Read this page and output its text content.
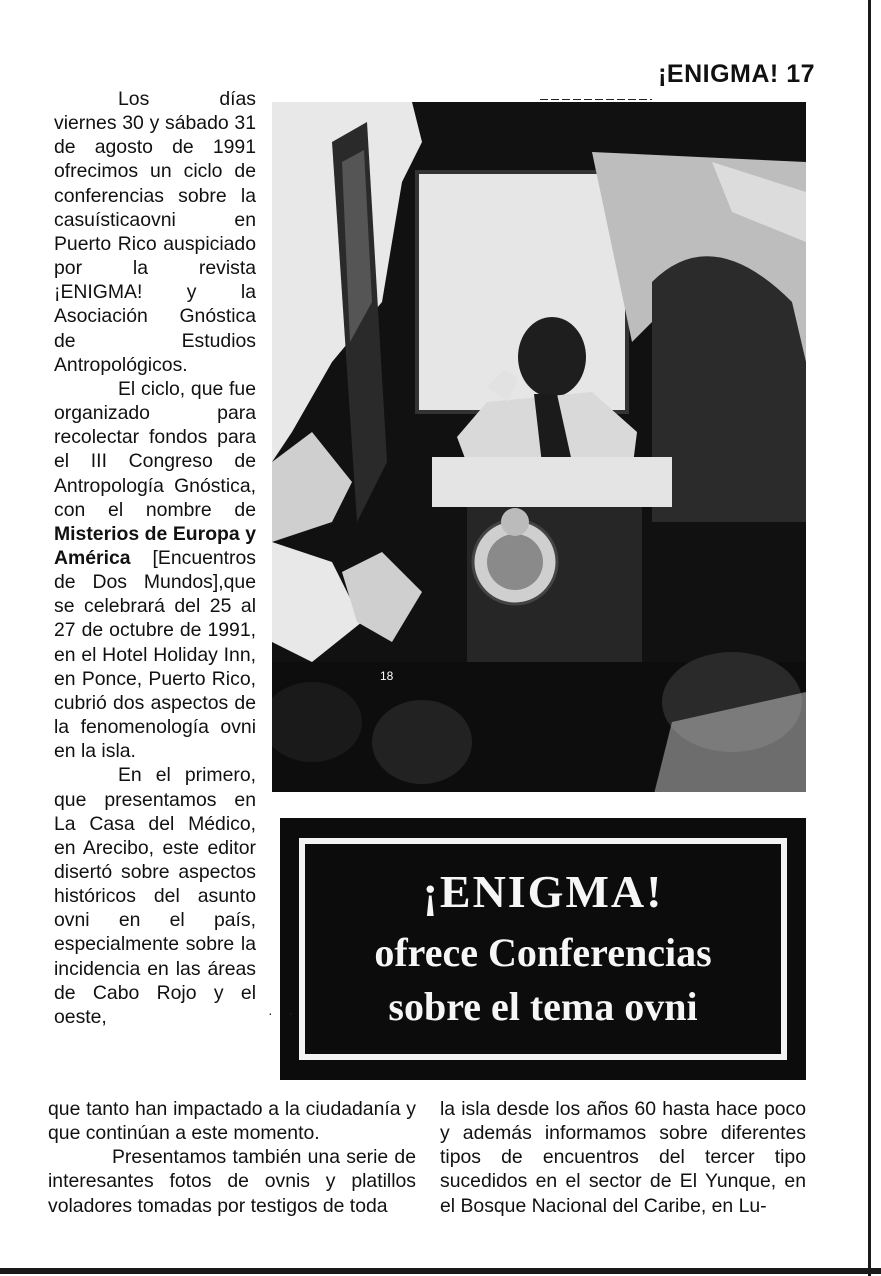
¡ENIGMA! 17

Los días viernes 30 y sábado 31 de agosto de 1991 ofrecimos un ciclo de conferencias sobre la casuísticaovni en Puerto Rico auspiciado por la revista ¡ENIGMA! y la Asociación Gnóstica de Estudios Antropológicos.

El ciclo, que fue organizado para recolectar fondos para el III Congreso de Antropología Gnóstica, con el nombre de Misterios de Europa y América [Encuentros de Dos Mundos],que se celebrará del 25 al 27 de octubre de 1991, en el Hotel Holiday Inn, en Ponce, Puerto Rico, cubrió dos aspectos de la fenomenología ovni en la isla.

En el primero, que presentamos en La Casa del Médico, en Arecibo, este editor disertó sobre aspectos históricos del asunto ovni en el país, especialmente sobre la incidencia en las áreas de Cabo Rojo y el oeste,

18
¡ENIGMA!
ofrece Conferencias
sobre el tema ovni
· ·

que tanto han impactado a la ciudadanía y que continúan a este momento.

Presentamos también una serie de interesantes fotos de ovnis y platillos voladores tomadas por testigos de toda

la isla desde los años 60 hasta hace poco y además informamos sobre diferentes tipos de encuentros del tercer tipo sucedidos en el sector de El Yunque, en el Bosque Nacional del Caribe, en Lu-
